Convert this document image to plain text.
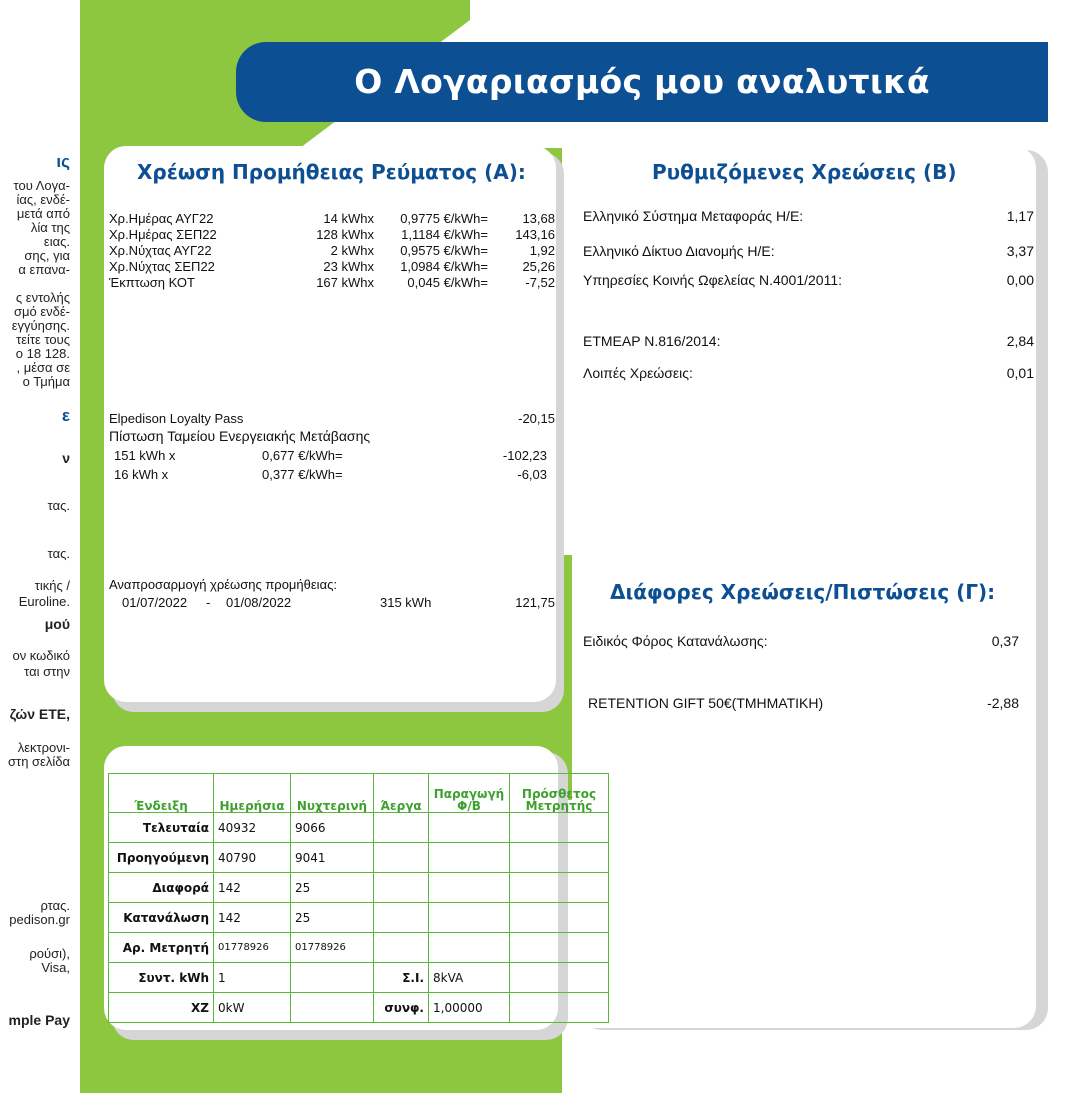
ργεια
Ο Λογαριασμός μου αναλυτικά
ις
του Λογα-
ίας, ενδέ-
μετά από
λία της
ειας.
σης, για
α επανα-
ς εντολής
σμό ενδέ-
εγγύησης.
τείτε τους
ο 18 128.
, μέσα σε
ο Τμήμα
ε
ν
τας.
τας.
τικής /
Euroline.
μού
ον κωδικό
ται στην
ζών ΕΤΕ,
λεκτρονι-
στη σελίδα
ρτας.
pedison.gr
ρούσι),
Visa,
mple Pay
Χρέωση Προμήθειας Ρεύματος (Α):
Χρ.Ημέρας ΑΥΓ22	14 kWhx	0,9775 €/kWh=	13,68
Χρ.Ημέρας ΣΕΠ22	128 kWhx	1,1184 €/kWh=	143,16
Χρ.Νύχτας ΑΥΓ22	2 kWhx	0,9575 €/kWh=	1,92
Χρ.Νύχτας ΣΕΠ22	23 kWhx	1,0984 €/kWh=	25,26
Έκπτωση ΚΟΤ	167 kWhx	0,045 €/kWh=	-7,52
Elpedison Loyalty Pass	-20,15
Πίστωση Ταμείου Ενεργειακής Μετάβασης
151 kWh x	0,677 €/kWh=	-102,23
16 kWh x	0,377 €/kWh=	-6,03
Αναπροσαρμογή χρέωσης προμήθειας:
01/07/2022 - 01/08/2022	315 kWh	121,75
Ρυθμιζόμενες Χρεώσεις (Β)
Ελληνικό Σύστημα Μεταφοράς Η/Ε:	1,17
Ελληνικό Δίκτυο Διανομής Η/Ε:	3,37
Υπηρεσίες Κοινής Ωφελείας Ν.4001/2011:	0,00
ΕΤΜΕΑΡ Ν.816/2014:	2,84
Λοιπές Χρεώσεις:	0,01
Διάφορες Χρεώσεις/Πιστώσεις (Γ):
Ειδικός Φόρος Κατανάλωσης:	0,37
RETENTION GIFT 50€(ΤΜΗΜΑΤΙΚΗ)	-2,88
Ένδειξη	Ημερήσια	Νυχτερινή	Άεργα	Παραγωγή Φ/Β	Πρόσθετος Μετρητής
Τελευταία	40932	9066			
Προηγούμενη	40790	9041			
Διαφορά	142	25			
Κατανάλωση	142	25			
Αρ. Μετρητή	01778926	01778926			
Συντ. kWh	1		Σ.Ι.	8kVA	
ΧΖ	0kW		συνφ.	1,00000	
